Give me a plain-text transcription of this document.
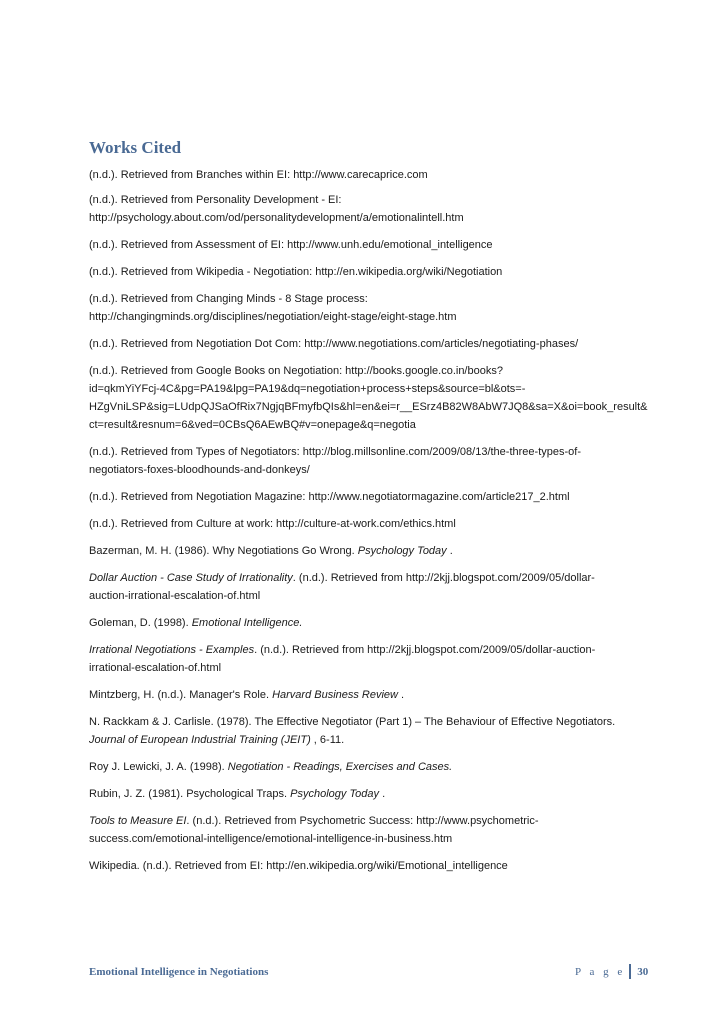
Works Cited
(n.d.). Retrieved from Branches within EI: http://www.carecaprice.com
(n.d.). Retrieved from Personality Development - EI:
http://psychology.about.com/od/personalitydevelopment/a/emotionalintell.htm
(n.d.). Retrieved from Assessment of EI: http://www.unh.edu/emotional_intelligence
(n.d.). Retrieved from Wikipedia - Negotiation: http://en.wikipedia.org/wiki/Negotiation
(n.d.). Retrieved from Changing Minds - 8 Stage process:
http://changingminds.org/disciplines/negotiation/eight-stage/eight-stage.htm
(n.d.). Retrieved from Negotiation Dot Com: http://www.negotiations.com/articles/negotiating-phases/
(n.d.). Retrieved from Google Books on Negotiation: http://books.google.co.in/books?
id=qkmYiYFcj-4C&pg=PA19&lpg=PA19&dq=negotiation+process+steps&source=bl&ots=-
HZgVniLSP&sig=LUdpQJSaOfRix7NgjqBFmyfbQIs&hl=en&ei=r__ESrz4B82W8AbW7JQ8&sa=X&oi=book_result&
ct=result&resnum=6&ved=0CBsQ6AEwBQ#v=onepage&q=negotia
(n.d.). Retrieved from Types of Negotiators: http://blog.millsonline.com/2009/08/13/the-three-types-of-
negotiators-foxes-bloodhounds-and-donkeys/
(n.d.). Retrieved from Negotiation Magazine: http://www.negotiatormagazine.com/article217_2.html
(n.d.). Retrieved from Culture at work: http://culture-at-work.com/ethics.html
Bazerman, M. H. (1986). Why Negotiations Go Wrong. Psychology Today .
Dollar Auction - Case Study of Irrationality. (n.d.). Retrieved from http://2kjj.blogspot.com/2009/05/dollar-
auction-irrational-escalation-of.html
Goleman, D. (1998). Emotional Intelligence.
Irrational Negotiations - Examples. (n.d.). Retrieved from http://2kjj.blogspot.com/2009/05/dollar-auction-
irrational-escalation-of.html
Mintzberg, H. (n.d.). Manager's Role. Harvard Business Review .
N. Rackkam & J. Carlisle. (1978). The Effective Negotiator (Part 1) – The Behaviour of Effective Negotiators.
Journal of European Industrial Training (JEIT) , 6-11.
Roy J. Lewicki, J. A. (1998). Negotiation - Readings, Exercises and Cases.
Rubin, J. Z. (1981). Psychological Traps. Psychology Today .
Tools to Measure EI. (n.d.). Retrieved from Psychometric Success: http://www.psychometric-
success.com/emotional-intelligence/emotional-intelligence-in-business.htm
Wikipedia. (n.d.). Retrieved from EI: http://en.wikipedia.org/wiki/Emotional_intelligence
Emotional Intelligence in Negotiations	P a g e 30
